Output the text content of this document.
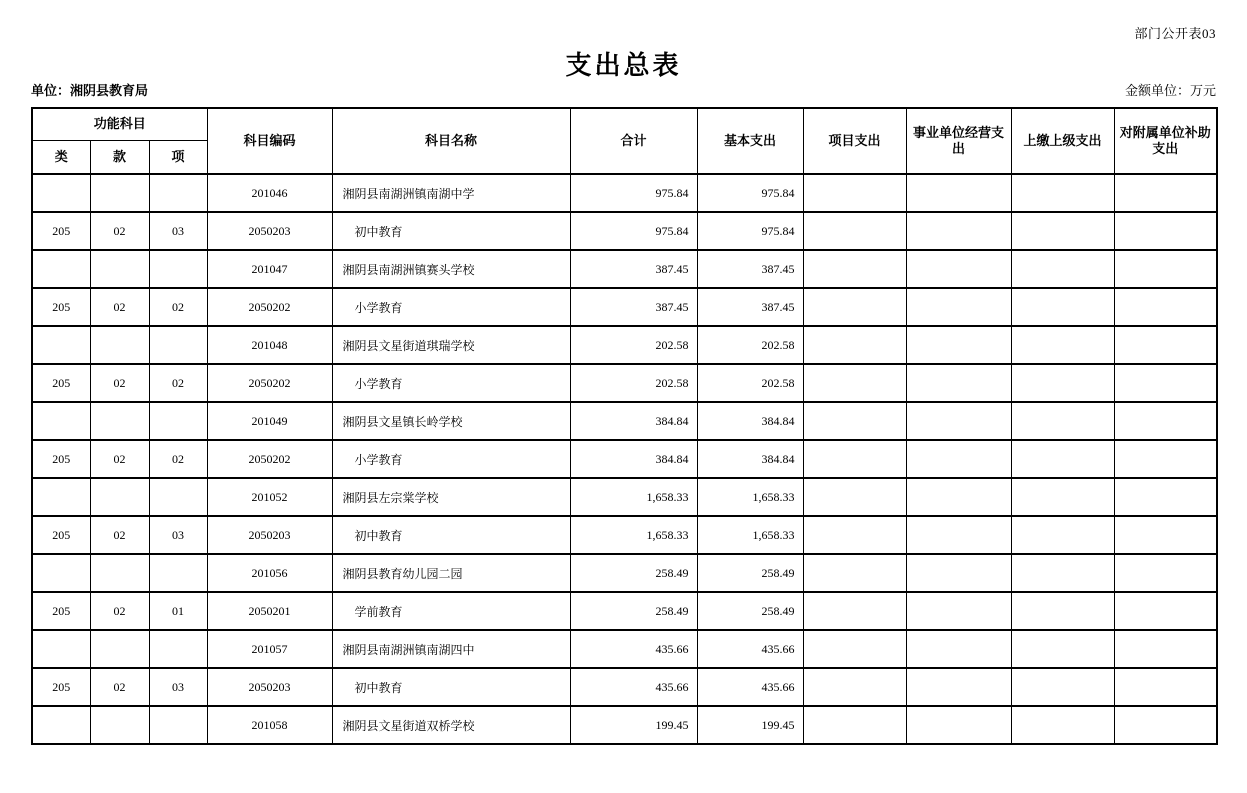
部门公开表03
支出总表
单位：湘阴县教育局	金额单位：万元
功能科目			科目编码	科目名称	合计	基本支出	项目支出	事业单位经营支出	上缴上级支出	对附属单位补助支出
类	款	项								
			201046	湘阴县南湖洲镇南湖中学	975.84	975.84				
205	02	03	2050203	　初中教育	975.84	975.84				
			201047	湘阴县南湖洲镇赛头学校	387.45	387.45				
205	02	02	2050202	　小学教育	387.45	387.45				
			201048	湘阴县文星街道琪瑞学校	202.58	202.58				
205	02	02	2050202	　小学教育	202.58	202.58				
			201049	湘阴县文星镇长岭学校	384.84	384.84				
205	02	02	2050202	　小学教育	384.84	384.84				
			201052	湘阴县左宗棠学校	1,658.33	1,658.33				
205	02	03	2050203	　初中教育	1,658.33	1,658.33				
			201056	湘阴县教育幼儿园二园	258.49	258.49				
205	02	01	2050201	　学前教育	258.49	258.49				
			201057	湘阴县南湖洲镇南湖四中	435.66	435.66				
205	02	03	2050203	　初中教育	435.66	435.66				
			201058	湘阴县文星街道双桥学校	199.45	199.45				
